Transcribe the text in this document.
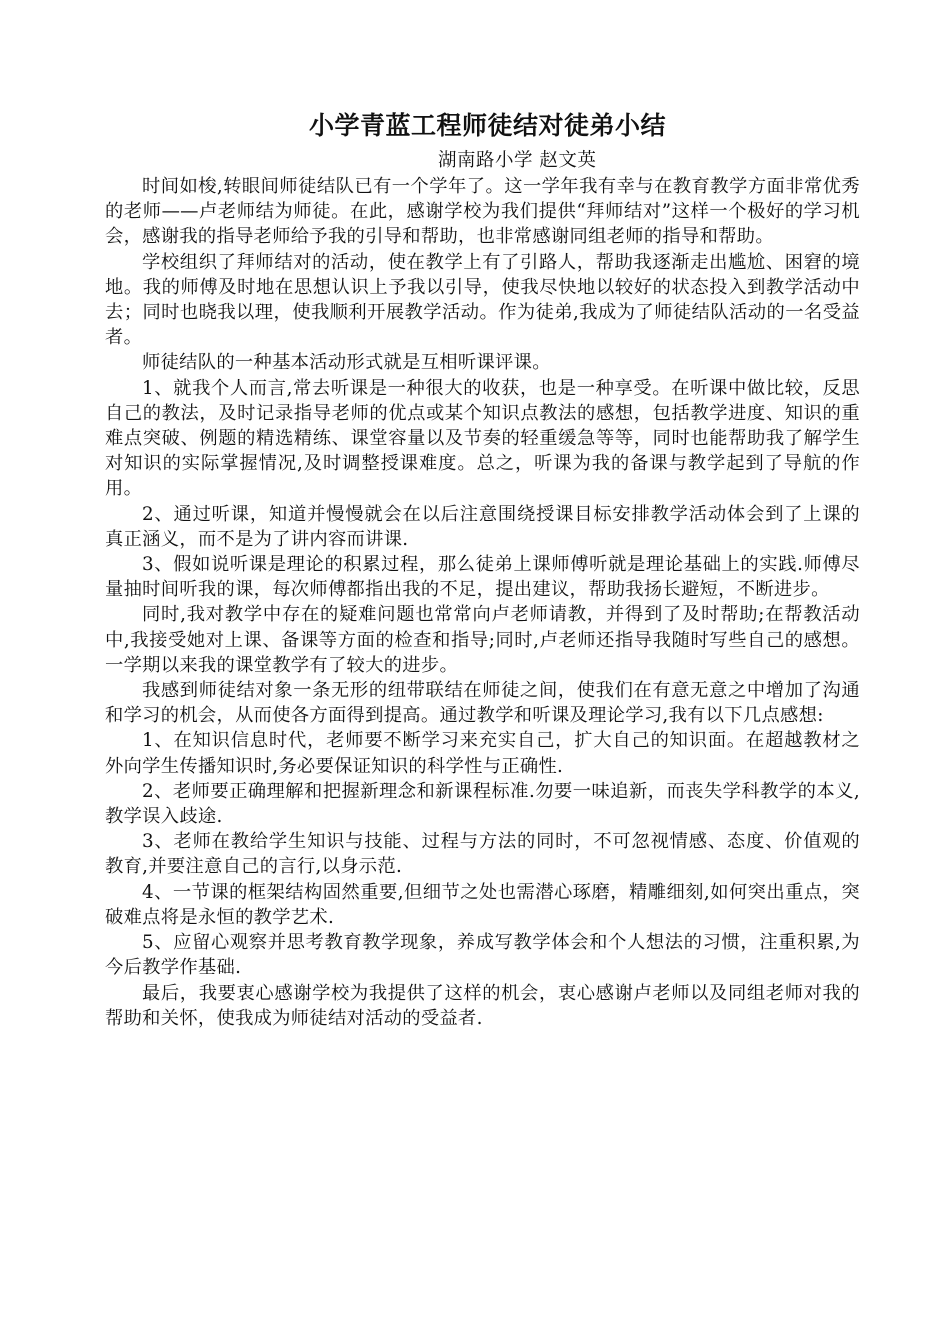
小学青蓝工程师徒结对徒弟小结

湖南路小学 赵文英

时间如梭,转眼间师徒结队已有一个学年了。这一学年我有幸与在教育教学方面非常优秀的老师——卢老师结为师徒。在此，感谢学校为我们提供“拜师结对”这样一个极好的学习机会，感谢我的指导老师给予我的引导和帮助，也非常感谢同组老师的指导和帮助。

学校组织了拜师结对的活动，使在教学上有了引路人，帮助我逐渐走出尴尬、困窘的境地。我的师傅及时地在思想认识上予我以引导，使我尽快地以较好的状态投入到教学活动中去；同时也晓我以理，使我顺利开展教学活动。作为徒弟,我成为了师徒结队活动的一名受益者。

师徒结队的一种基本活动形式就是互相听课评课。

1、就我个人而言,常去听课是一种很大的收获，也是一种享受。在听课中做比较，反思自己的教法，及时记录指导老师的优点或某个知识点教法的感想，包括教学进度、知识的重难点突破、例题的精选精练、课堂容量以及节奏的轻重缓急等等，同时也能帮助我了解学生对知识的实际掌握情况,及时调整授课难度。总之，听课为我的备课与教学起到了导航的作用。

2、通过听课，知道并慢慢就会在以后注意围绕授课目标安排教学活动体会到了上课的真正涵义，而不是为了讲内容而讲课.

3、假如说听课是理论的积累过程，那么徒弟上课师傅听就是理论基础上的实践.师傅尽量抽时间听我的课，每次师傅都指出我的不足，提出建议，帮助我扬长避短，不断进步。

同时,我对教学中存在的疑难问题也常常向卢老师请教，并得到了及时帮助;在帮教活动中,我接受她对上课、备课等方面的检查和指导;同时,卢老师还指导我随时写些自己的感想。一学期以来我的课堂教学有了较大的进步。

我感到师徒结对象一条无形的纽带联结在师徒之间，使我们在有意无意之中增加了沟通和学习的机会，从而使各方面得到提高。通过教学和听课及理论学习,我有以下几点感想:

1、在知识信息时代，老师要不断学习来充实自己，扩大自己的知识面。在超越教材之外向学生传播知识时,务必要保证知识的科学性与正确性.

2、老师要正确理解和把握新理念和新课程标准.勿要一味追新，而丧失学科教学的本义,教学误入歧途.

3、老师在教给学生知识与技能、过程与方法的同时，不可忽视情感、态度、价值观的教育,并要注意自己的言行,以身示范.

4、一节课的框架结构固然重要,但细节之处也需潜心琢磨，精雕细刻,如何突出重点，突破难点将是永恒的教学艺术.

5、应留心观察并思考教育教学现象，养成写教学体会和个人想法的习惯，注重积累,为今后教学作基础.

最后，我要衷心感谢学校为我提供了这样的机会，衷心感谢卢老师以及同组老师对我的帮助和关怀，使我成为师徒结对活动的受益者.
